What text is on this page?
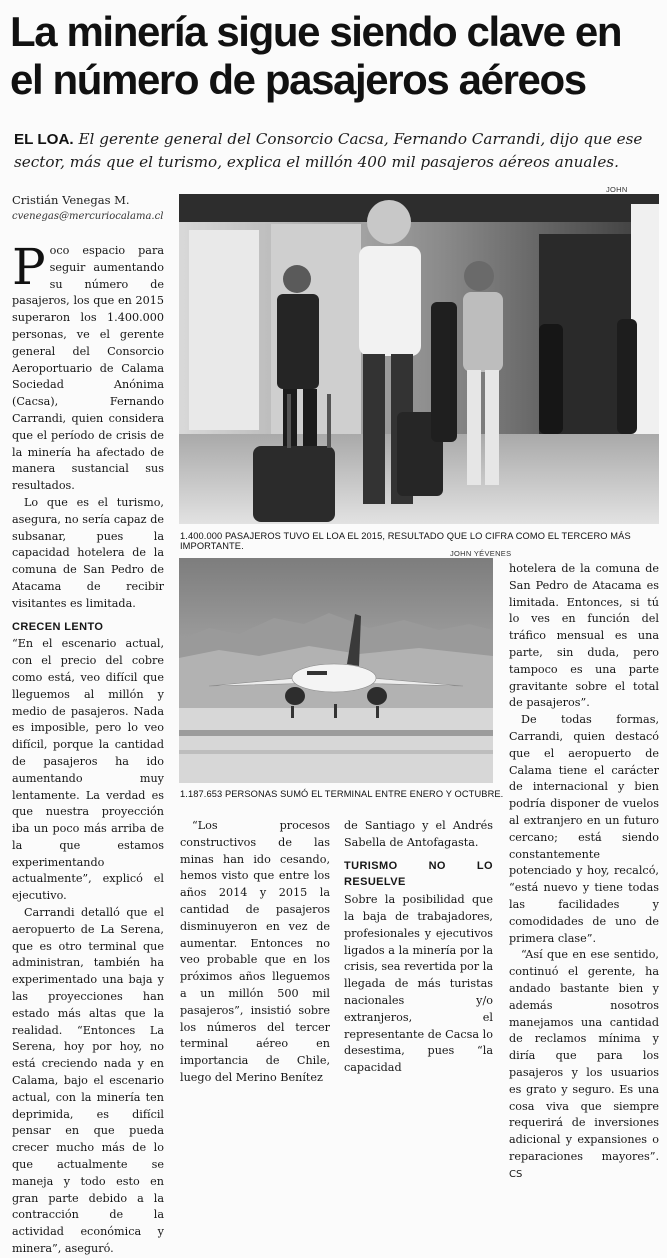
La minería sigue siendo clave en el número de pasajeros aéreos
EL LOA. El gerente general del Consorcio Cacsa, Fernando Carrandi, dijo que ese sector, más que el turismo, explica el millón 400 mil pasajeros aéreos anuales.
Cristián Venegas M.
cvenegas@mercuriocalama.cl
JOHN
1.400.000 PASAJEROS TUVO EL LOA EL 2015, RESULTADO QUE LO CIFRA COMO EL TERCERO MÁS IMPORTANTE.
JOHN YÉVENES
1.187.653 PERSONAS SUMÓ EL TERMINAL ENTRE ENERO Y OCTUBRE.

Poco espacio para seguir aumentando su número de pasajeros, los que en 2015 superaron los 1.400.000 personas, ve el gerente general del Consorcio Aeroportuario de Calama Sociedad Anónima (Cacsa), Fernando Carrandi, quien considera que el período de crisis de la minería ha afectado de manera sustancial sus resultados.

Lo que es el turismo, asegura, no sería capaz de subsanar, pues la capacidad hotelera de la comuna de San Pedro de Atacama de recibir visitantes es limitada.

CRECEN LENTO

“En el escenario actual, con el precio del cobre como está, veo difícil que lleguemos al millón y medio de pasajeros. Nada es imposible, pero lo veo difícil, porque la cantidad de pasajeros ha ido aumentando muy lentamente. La verdad es que nuestra proyección iba un poco más arriba de la que estamos experimentando actualmente”, explicó el ejecutivo.

Carrandi detalló que el aeropuerto de La Serena, que es otro terminal que administran, también ha experimentado una baja y las proyecciones han estado más altas que la realidad. “Entonces La Serena, hoy por hoy, no está creciendo nada y en Calama, bajo el escenario actual, con la minería ten deprimida, es difícil pensar en que pueda crecer mucho más de lo que actualmente se maneja y todo esto en gran parte debido a la contracción de la actividad económica y minera”, aseguró.

“Los procesos constructivos de las minas han ido cesando, hemos visto que entre los años 2014 y 2015 la cantidad de pasajeros disminuyeron en vez de aumentar. Entonces no veo probable que en los próximos años lleguemos a un millón 500 mil pasajeros”, insistió sobre los números del tercer terminal aéreo en importancia de Chile, luego del Merino Benítez

de Santiago y el Andrés Sabella de Antofagasta.

TURISMO NO LO RESUELVE

Sobre la posibilidad que la baja de trabajadores, profesionales y ejecutivos ligados a la minería por la crisis, sea revertida por la llegada de más turistas nacionales y/o extranjeros, el representante de Cacsa lo desestima, pues “la capacidad

hotelera de la comuna de San Pedro de Atacama es limitada. Entonces, si tú lo ves en función del tráfico mensual es una parte, sin duda, pero tampoco es una parte gravitante sobre el total de pasajeros”.

De todas formas, Carrandi, quien destacó que el aeropuerto de Calama tiene el carácter de internacional y bien podría disponer de vuelos al extranjero en un futuro cercano; está siendo constantemente potenciado y hoy, recalcó, “está nuevo y tiene todas las facilidades y comodidades de uno de primera clase”.

“Así que en ese sentido, continuó el gerente, ha andado bastante bien y además nosotros manejamos una cantidad de reclamos mínima y diría que para los pasajeros y los usuarios es grato y seguro. Es una cosa viva que siempre requerirá de inversiones adicional y expansiones o reparaciones mayores”. CS
